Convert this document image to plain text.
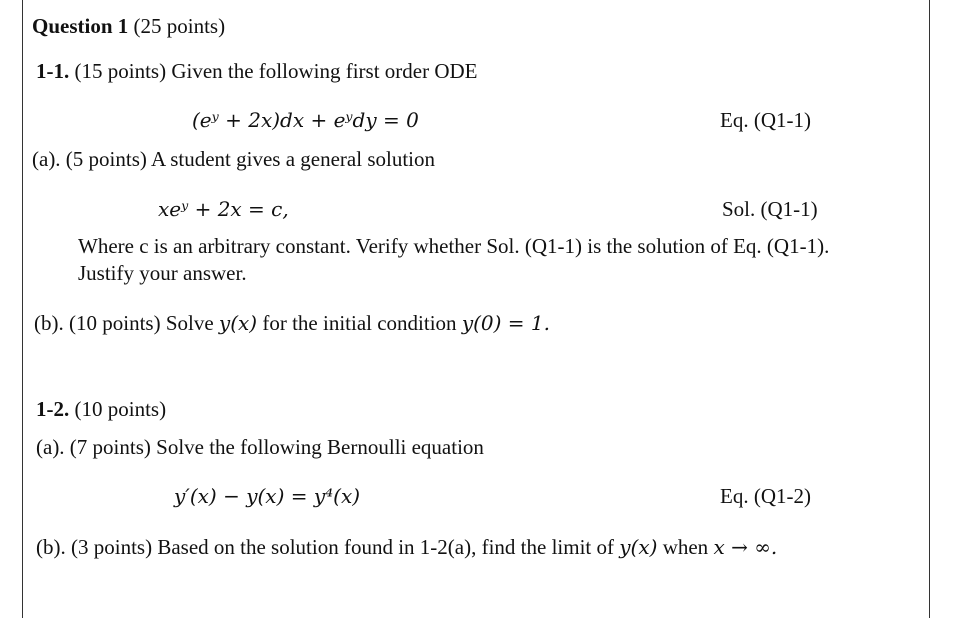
Question 1 (25 points)
1-1. (15 points) Given the following first order ODE
(eʸ + 2x)dx + eʸdy = 0	Eq. (Q1-1)
(a). (5 points) A student gives a general solution
xeʸ + 2x = c,	Sol. (Q1-1)
Where c is an arbitrary constant. Verify whether Sol. (Q1-1) is the solution of Eq. (Q1-1).
Justify your answer.
(b). (10 points) Solve y(x) for the initial condition y(0) = 1.
1-2. (10 points)
(a). (7 points) Solve the following Bernoulli equation
y′(x) − y(x) = y⁴(x)	Eq. (Q1-2)
(b). (3 points) Based on the solution found in 1-2(a), find the limit of y(x) when x → ∞.
